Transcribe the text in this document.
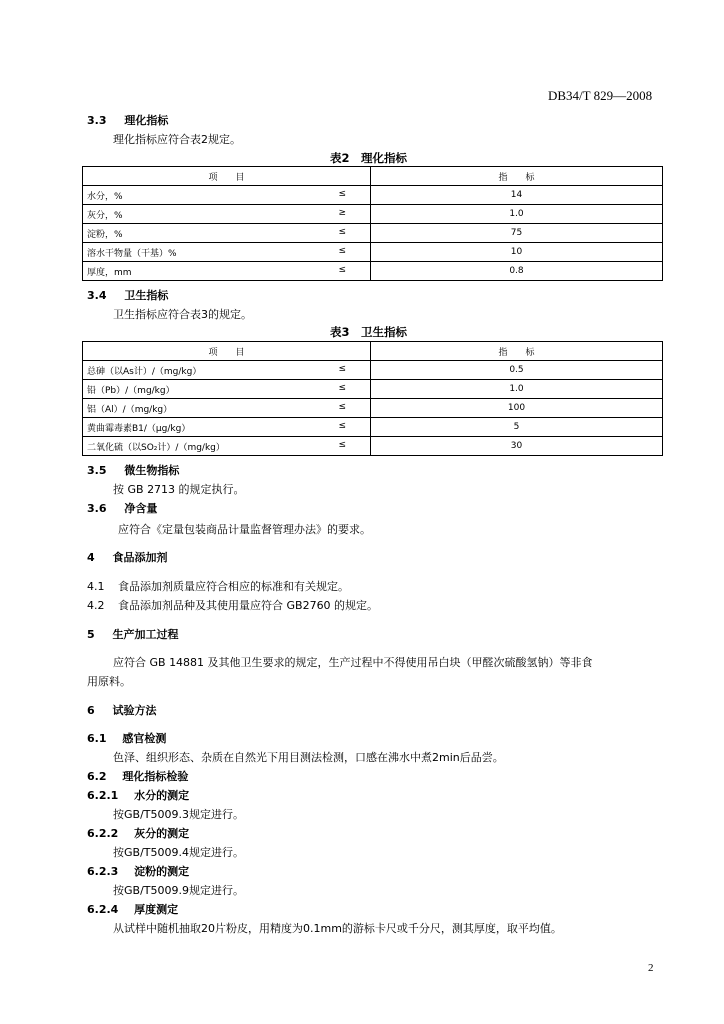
DB34/T 829—2008
3.3 理化指标
理化指标应符合表2规定。
表2　理化指标
项　　目	指　　标
水分，% ≤	14
灰分，% ≥	1.0
淀粉，% ≤	75
溶水干物量（干基）% ≤	10
厚度，mm ≤	0.8
3.4 卫生指标
卫生指标应符合表3的规定。
表3　卫生指标
项　　目	指　　标
总砷（以As计）/（mg/kg） ≤	0.5
铅（Pb）/（mg/kg） ≤	1.0
铝（Al）/（mg/kg） ≤	100
黄曲霉毒素B1/（μg/kg） ≤	5
二氧化硫（以SO₂计）/（mg/kg） ≤	30
3.5 微生物指标
按 GB 2713 的规定执行。
3.6 净含量
应符合《定量包装商品计量监督管理办法》的要求。
4 食品添加剂
4.1 食品添加剂质量应符合相应的标准和有关规定。
4.2 食品添加剂品种及其使用量应符合 GB2760 的规定。
5 生产加工过程
应符合 GB 14881 及其他卫生要求的规定，生产过程中不得使用吊白块（甲醛次硫酸氢钠）等非食
用原料。
6 试验方法
6.1 感官检测
色泽、组织形态、杂质在自然光下用目测法检测，口感在沸水中煮2min后品尝。
6.2 理化指标检验
6.2.1 水分的测定
按GB/T5009.3规定进行。
6.2.2 灰分的测定
按GB/T5009.4规定进行。
6.2.3 淀粉的测定
按GB/T5009.9规定进行。
6.2.4 厚度测定
从试样中随机抽取20片粉皮，用精度为0.1mm的游标卡尺或千分尺，测其厚度，取平均值。
2
